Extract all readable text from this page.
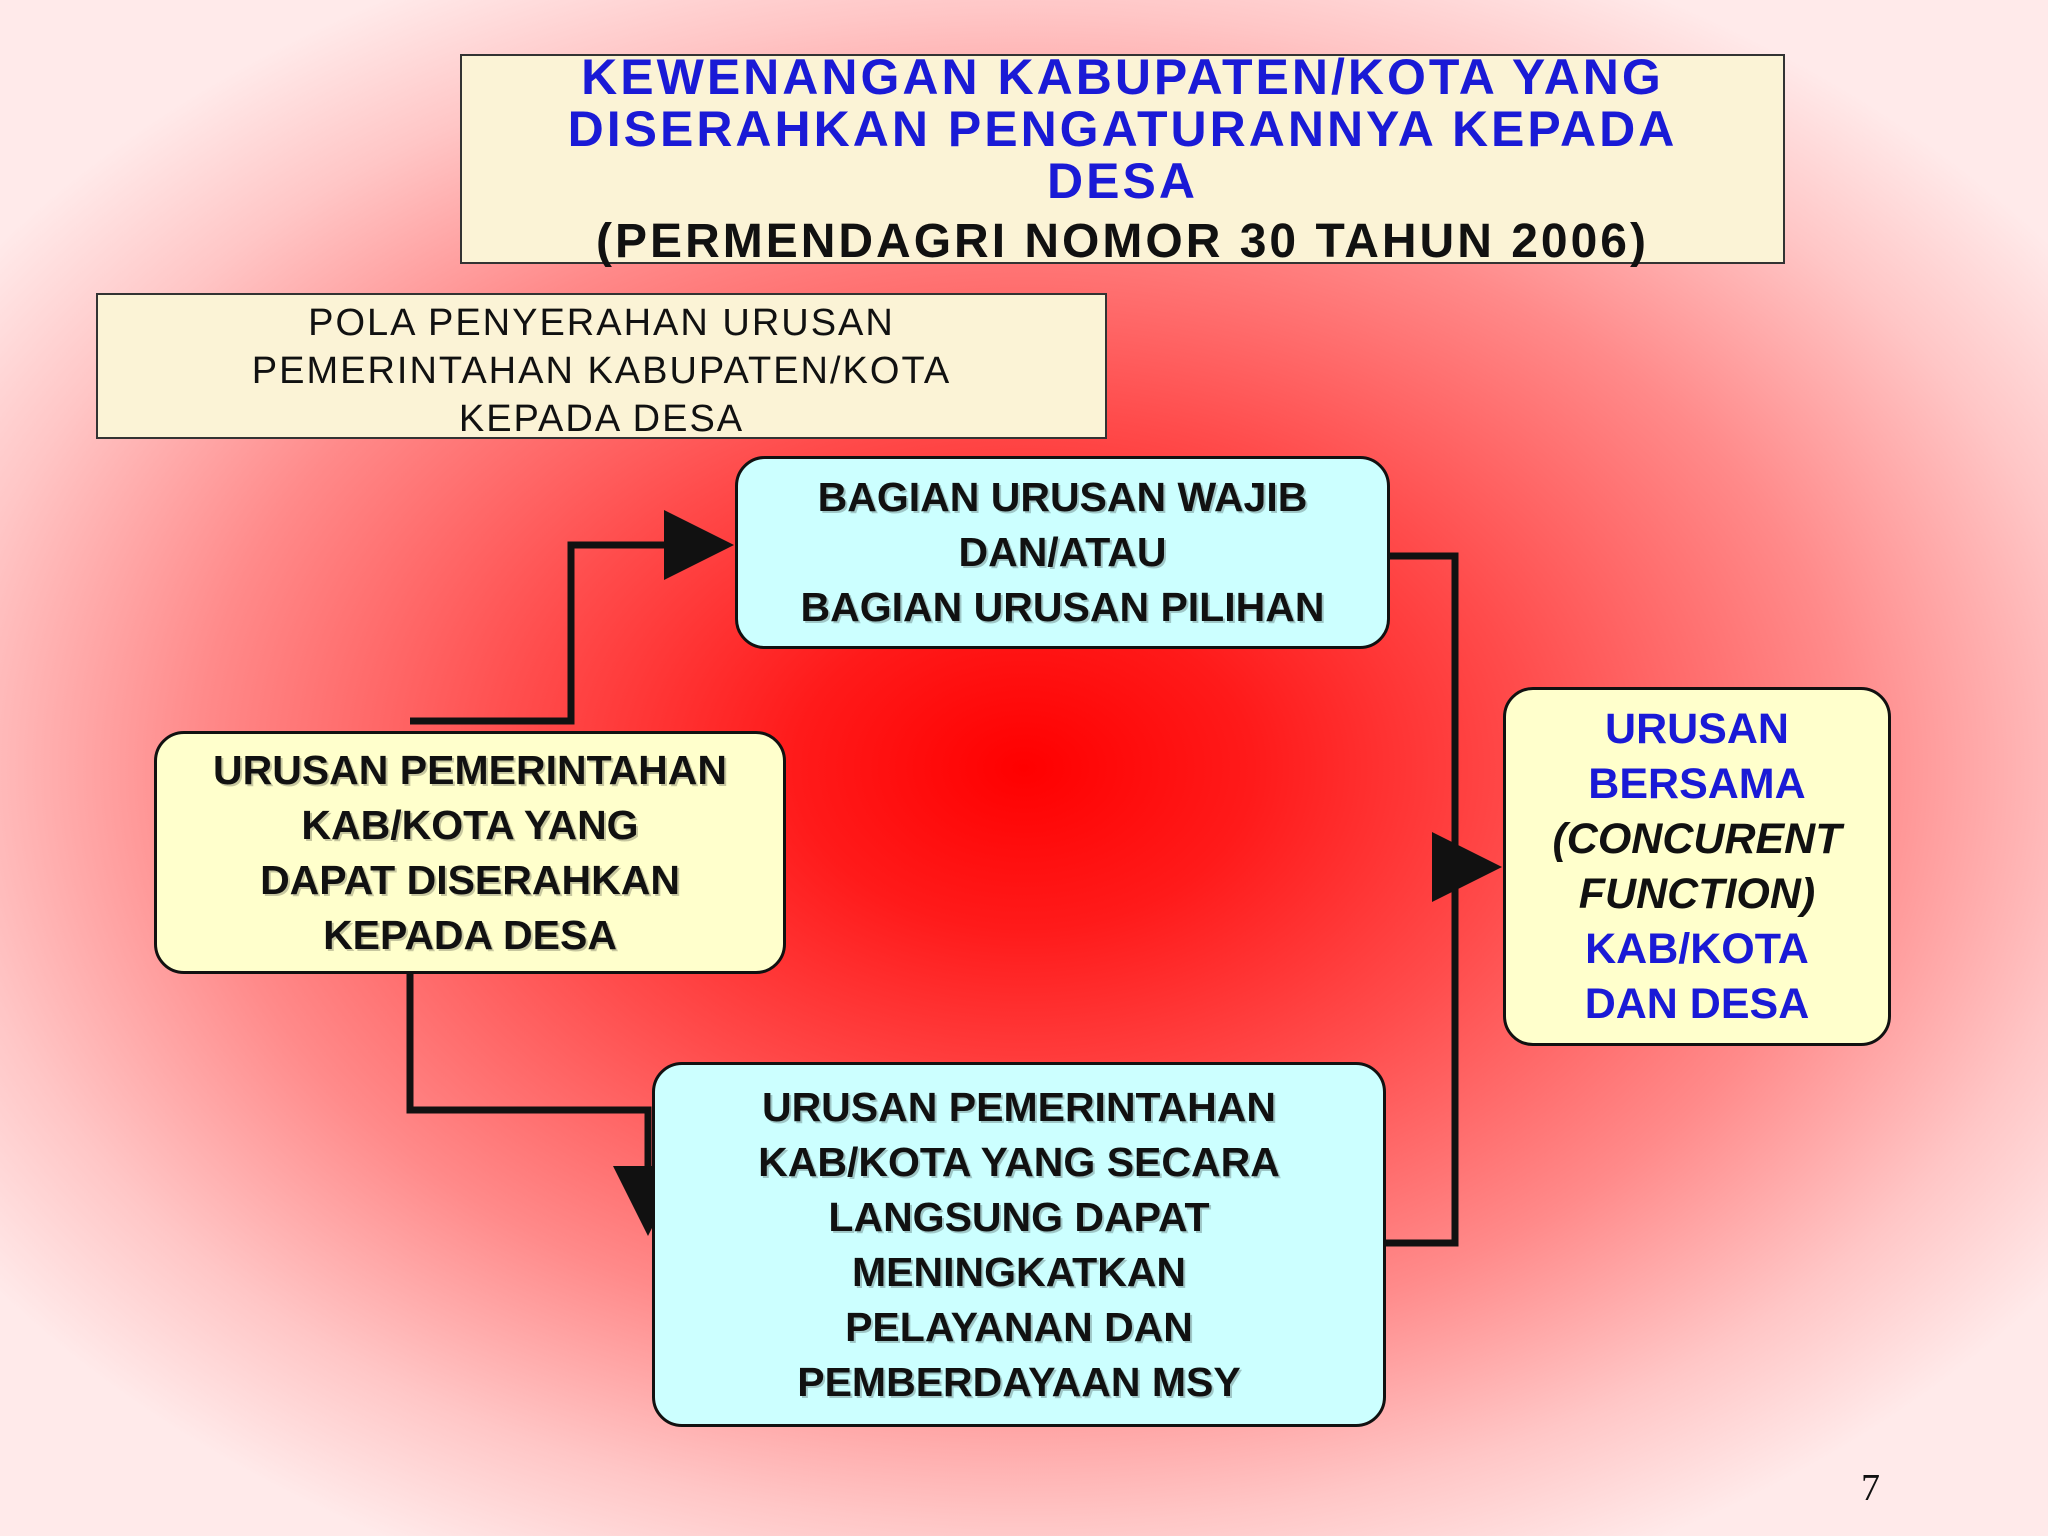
KEWENANGAN KABUPATEN/KOTA YANG
DISERAHKAN PENGATURANNYA KEPADA
DESA
(PERMENDAGRI NOMOR 30 TAHUN 2006)
POLA PENYERAHAN URUSAN
PEMERINTAHAN KABUPATEN/KOTA
KEPADA DESA
BAGIAN URUSAN WAJIB
DAN/ATAU
BAGIAN URUSAN PILIHAN
URUSAN PEMERINTAHAN
KAB/KOTA YANG
DAPAT DISERAHKAN
KEPADA DESA
URUSAN PEMERINTAHAN
KAB/KOTA YANG SECARA
LANGSUNG DAPAT
MENINGKATKAN
PELAYANAN DAN
PEMBERDAYAAN MSY
URUSAN
BERSAMA
(CONCURENT
FUNCTION)
KAB/KOTA
DAN DESA
7
